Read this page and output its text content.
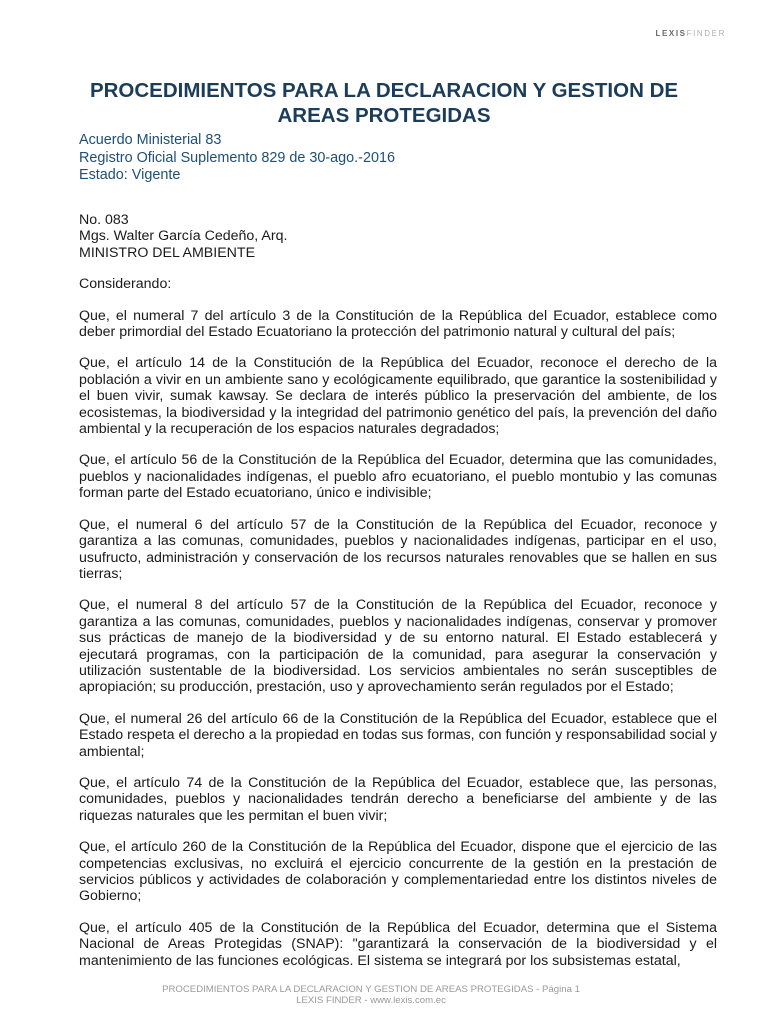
LEXISFINDER
PROCEDIMIENTOS PARA LA DECLARACION Y GESTION DE AREAS PROTEGIDAS
Acuerdo Ministerial 83
Registro Oficial Suplemento 829 de 30-ago.-2016
Estado: Vigente
No. 083
Mgs. Walter García Cedeño, Arq.
MINISTRO DEL AMBIENTE
Considerando:

Que, el numeral 7 del artículo 3 de la Constitución de la República del Ecuador, establece como deber primordial del Estado Ecuatoriano la protección del patrimonio natural y cultural del país;

Que, el artículo 14 de la Constitución de la República del Ecuador, reconoce el derecho de la población a vivir en un ambiente sano y ecológicamente equilibrado, que garantice la sostenibilidad y el buen vivir, sumak kawsay. Se declara de interés público la preservación del ambiente, de los ecosistemas, la biodiversidad y la integridad del patrimonio genético del país, la prevención del daño ambiental y la recuperación de los espacios naturales degradados;

Que, el artículo 56 de la Constitución de la República del Ecuador, determina que las comunidades, pueblos y nacionalidades indígenas, el pueblo afro ecuatoriano, el pueblo montubio y las comunas forman parte del Estado ecuatoriano, único e indivisible;

Que, el numeral 6 del artículo 57 de la Constitución de la República del Ecuador, reconoce y garantiza a las comunas, comunidades, pueblos y nacionalidades indígenas, participar en el uso, usufructo, administración y conservación de los recursos naturales renovables que se hallen en sus tierras;

Que, el numeral 8 del artículo 57 de la Constitución de la República del Ecuador, reconoce y garantiza a las comunas, comunidades, pueblos y nacionalidades indígenas, conservar y promover sus prácticas de manejo de la biodiversidad y de su entorno natural. El Estado establecerá y ejecutará programas, con la participación de la comunidad, para asegurar la conservación y utilización sustentable de la biodiversidad. Los servicios ambientales no serán susceptibles de apropiación; su producción, prestación, uso y aprovechamiento serán regulados por el Estado;

Que, el numeral 26 del artículo 66 de la Constitución de la República del Ecuador, establece que el Estado respeta el derecho a la propiedad en todas sus formas, con función y responsabilidad social y ambiental;

Que, el artículo 74 de la Constitución de la República del Ecuador, establece que, las personas, comunidades, pueblos y nacionalidades tendrán derecho a beneficiarse del ambiente y de las riquezas naturales que les permitan el buen vivir;

Que, el artículo 260 de la Constitución de la República del Ecuador, dispone que el ejercicio de las competencias exclusivas, no excluirá el ejercicio concurrente de la gestión en la prestación de servicios públicos y actividades de colaboración y complementariedad entre los distintos niveles de Gobierno;

Que, el artículo 405 de la Constitución de la República del Ecuador, determina que el Sistema Nacional de Areas Protegidas (SNAP): "garantizará la conservación de la biodiversidad y el mantenimiento de las funciones ecológicas. El sistema se integrará por los subsistemas estatal,

PROCEDIMIENTOS PARA LA DECLARACION Y GESTION DE AREAS PROTEGIDAS - Página 1
LEXIS FINDER - www.lexis.com.ec
